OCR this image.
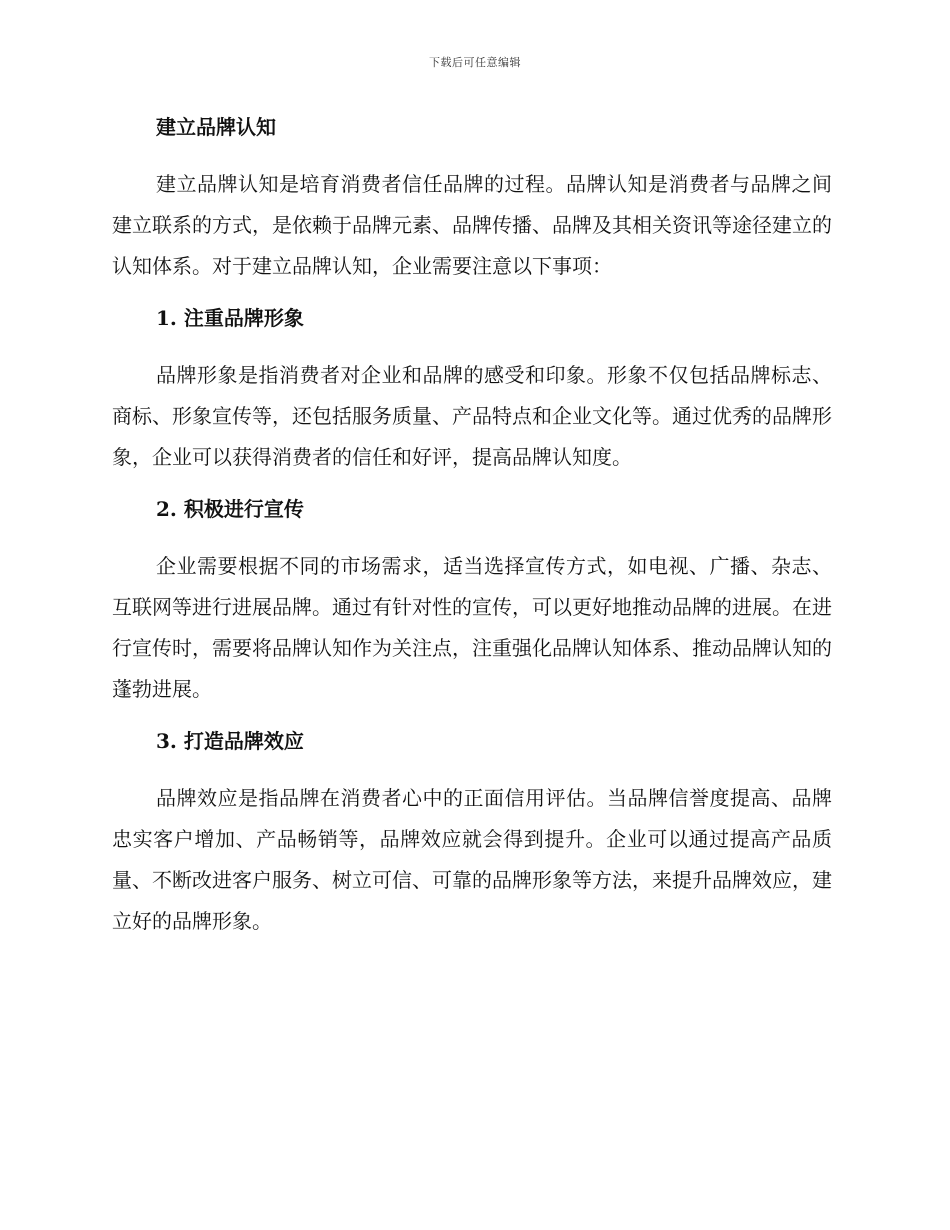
下载后可任意编辑
建立品牌认知

建立品牌认知是培育消费者信任品牌的过程。品牌认知是消费者与品牌之间建立联系的方式，是依赖于品牌元素、品牌传播、品牌及其相关资讯等途径建立的认知体系。对于建立品牌认知，企业需要注意以下事项：

1. 注重品牌形象

品牌形象是指消费者对企业和品牌的感受和印象。形象不仅包括品牌标志、商标、形象宣传等，还包括服务质量、产品特点和企业文化等。通过优秀的品牌形象，企业可以获得消费者的信任和好评，提高品牌认知度。

2. 积极进行宣传

企业需要根据不同的市场需求，适当选择宣传方式，如电视、广播、杂志、互联网等进行进展品牌。通过有针对性的宣传，可以更好地推动品牌的进展。在进行宣传时，需要将品牌认知作为关注点，注重强化品牌认知体系、推动品牌认知的蓬勃进展。

3. 打造品牌效应

品牌效应是指品牌在消费者心中的正面信用评估。当品牌信誉度提高、品牌忠实客户增加、产品畅销等，品牌效应就会得到提升。企业可以通过提高产品质量、不断改进客户服务、树立可信、可靠的品牌形象等方法，来提升品牌效应，建立好的品牌形象。
